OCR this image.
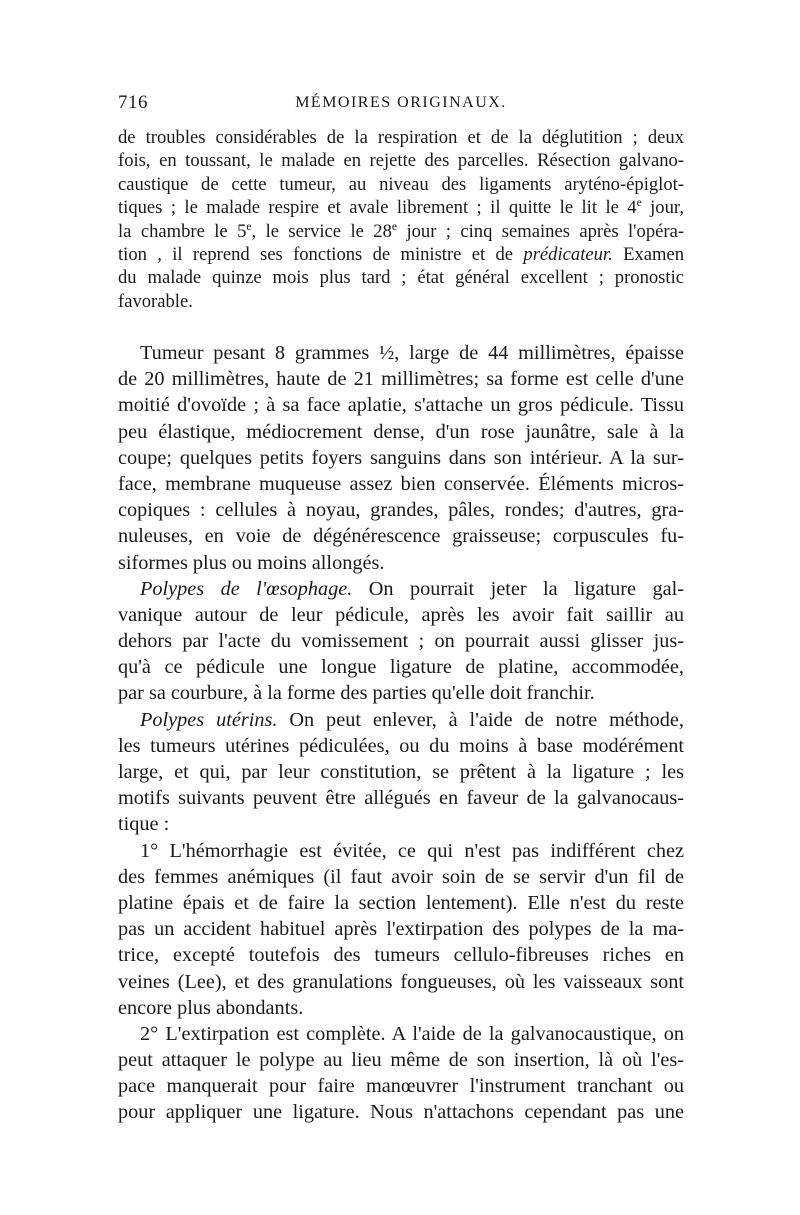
716	MÉMOIRES ORIGINAUX.
de troubles considérables de la respiration et de la déglutition ; deux
fois, en toussant, le malade en rejette des parcelles. Résection galvano-
caustique de cette tumeur, au niveau des ligaments aryténo-épiglot-
tiques ; le malade respire et avale librement ; il quitte le lit le 4e jour,
la chambre le 5e, le service le 28e jour ; cinq semaines après l'opéra-
tion , il reprend ses fonctions de ministre et de prédicateur. Examen
du malade quinze mois plus tard ; état général excellent ; pronostic
favorable.
Tumeur pesant 8 grammes ½, large de 44 millimètres, épaisse
de 20 millimètres, haute de 21 millimètres; sa forme est celle d'une
moitié d'ovoïde ; à sa face aplatie, s'attache un gros pédicule. Tissu
peu élastique, médiocrement dense, d'un rose jaunâtre, sale à la
coupe; quelques petits foyers sanguins dans son intérieur. A la sur-
face, membrane muqueuse assez bien conservée. Éléments micros-
copiques : cellules à noyau, grandes, pâles, rondes; d'autres, gra-
nuleuses, en voie de dégénérescence graisseuse; corpuscules fu-
siformes plus ou moins allongés.
Polypes de l'œsophage. On pourrait jeter la ligature gal-
vanique autour de leur pédicule, après les avoir fait saillir au
dehors par l'acte du vomissement ; on pourrait aussi glisser jus-
qu'à ce pédicule une longue ligature de platine, accommodée,
par sa courbure, à la forme des parties qu'elle doit franchir.
Polypes utérins. On peut enlever, à l'aide de notre méthode,
les tumeurs utérines pédiculées, ou du moins à base modérément
large, et qui, par leur constitution, se prêtent à la ligature ; les
motifs suivants peuvent être allégués en faveur de la galvanocaus-
tique :
1° L'hémorrhagie est évitée, ce qui n'est pas indifférent chez
des femmes anémiques (il faut avoir soin de se servir d'un fil de
platine épais et de faire la section lentement). Elle n'est du reste
pas un accident habituel après l'extirpation des polypes de la ma-
trice, excepté toutefois des tumeurs cellulo-fibreuses riches en
veines (Lee), et des granulations fongueuses, où les vaisseaux sont
encore plus abondants.
2° L'extirpation est complète. A l'aide de la galvanocaustique, on
peut attaquer le polype au lieu même de son insertion, là où l'es-
pace manquerait pour faire manœuvrer l'instrument tranchant ou
pour appliquer une ligature. Nous n'attachons cependant pas une
